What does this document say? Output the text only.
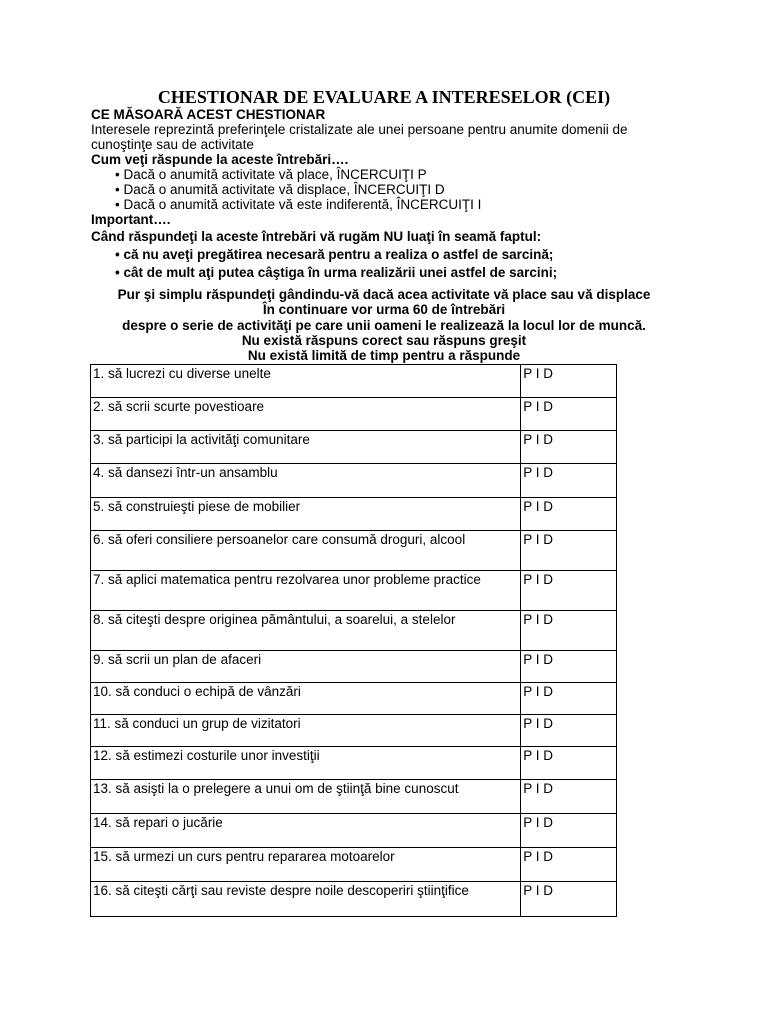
CHESTIONAR DE EVALUARE A INTERESELOR (CEI)
CE MĂSOARĂ ACEST CHESTIONAR
Interesele reprezintă preferinţele cristalizate ale unei persoane pentru anumite domenii de
cunoştinţe sau de activitate
Cum veţi răspunde la aceste întrebări….
• Dacă o anumită activitate vă place, ÎNCERCUIŢI P
• Dacă o anumită activitate vă displace, ÎNCERCUIŢI D
• Dacă o anumită activitate vă este indiferentă, ÎNCERCUIŢI I
Important….
Când răspundeţi la aceste întrebări vă rugăm NU luaţi în seamă faptul:
• că nu aveţi pregătirea necesară pentru a realiza o astfel de sarcină;
• cât de mult aţi putea câştiga în urma realizării unei astfel de sarcini;
Pur şi simplu răspundeţi gândindu-vă dacă acea activitate vă place sau vă displace
În continuare vor urma 60 de întrebări
despre o serie de activităţi pe care unii oameni le realizează la locul lor de muncă.
Nu există răspuns corect sau răspuns greşit
Nu există limită de timp pentru a răspunde
1. să lucrezi cu diverse unelte	P I D
2. să scrii scurte povestioare	P I D
3. să participi la activităţi comunitare	P I D
4. să dansezi într-un ansamblu	P I D
5. să construieşti piese de mobilier	P I D
6. să oferi consiliere persoanelor care consumă droguri, alcool	P I D
7. să aplici matematica pentru rezolvarea unor probleme practice	P I D
8. să citeşti despre originea pământului, a soarelui, a stelelor	P I D
9. să scrii un plan de afaceri	P I D
10. să conduci o echipă de vânzări	P I D
11. să conduci un grup de vizitatori	P I D
12. să estimezi costurile unor investiţii	P I D
13. să asişti la o prelegere a unui om de ştiinţă bine cunoscut	P I D
14. să repari o jucărie	P I D
15. să urmezi un curs pentru repararea motoarelor	P I D
16. să citeşti cărţi sau reviste despre noile descoperiri ştiinţifice	P I D
